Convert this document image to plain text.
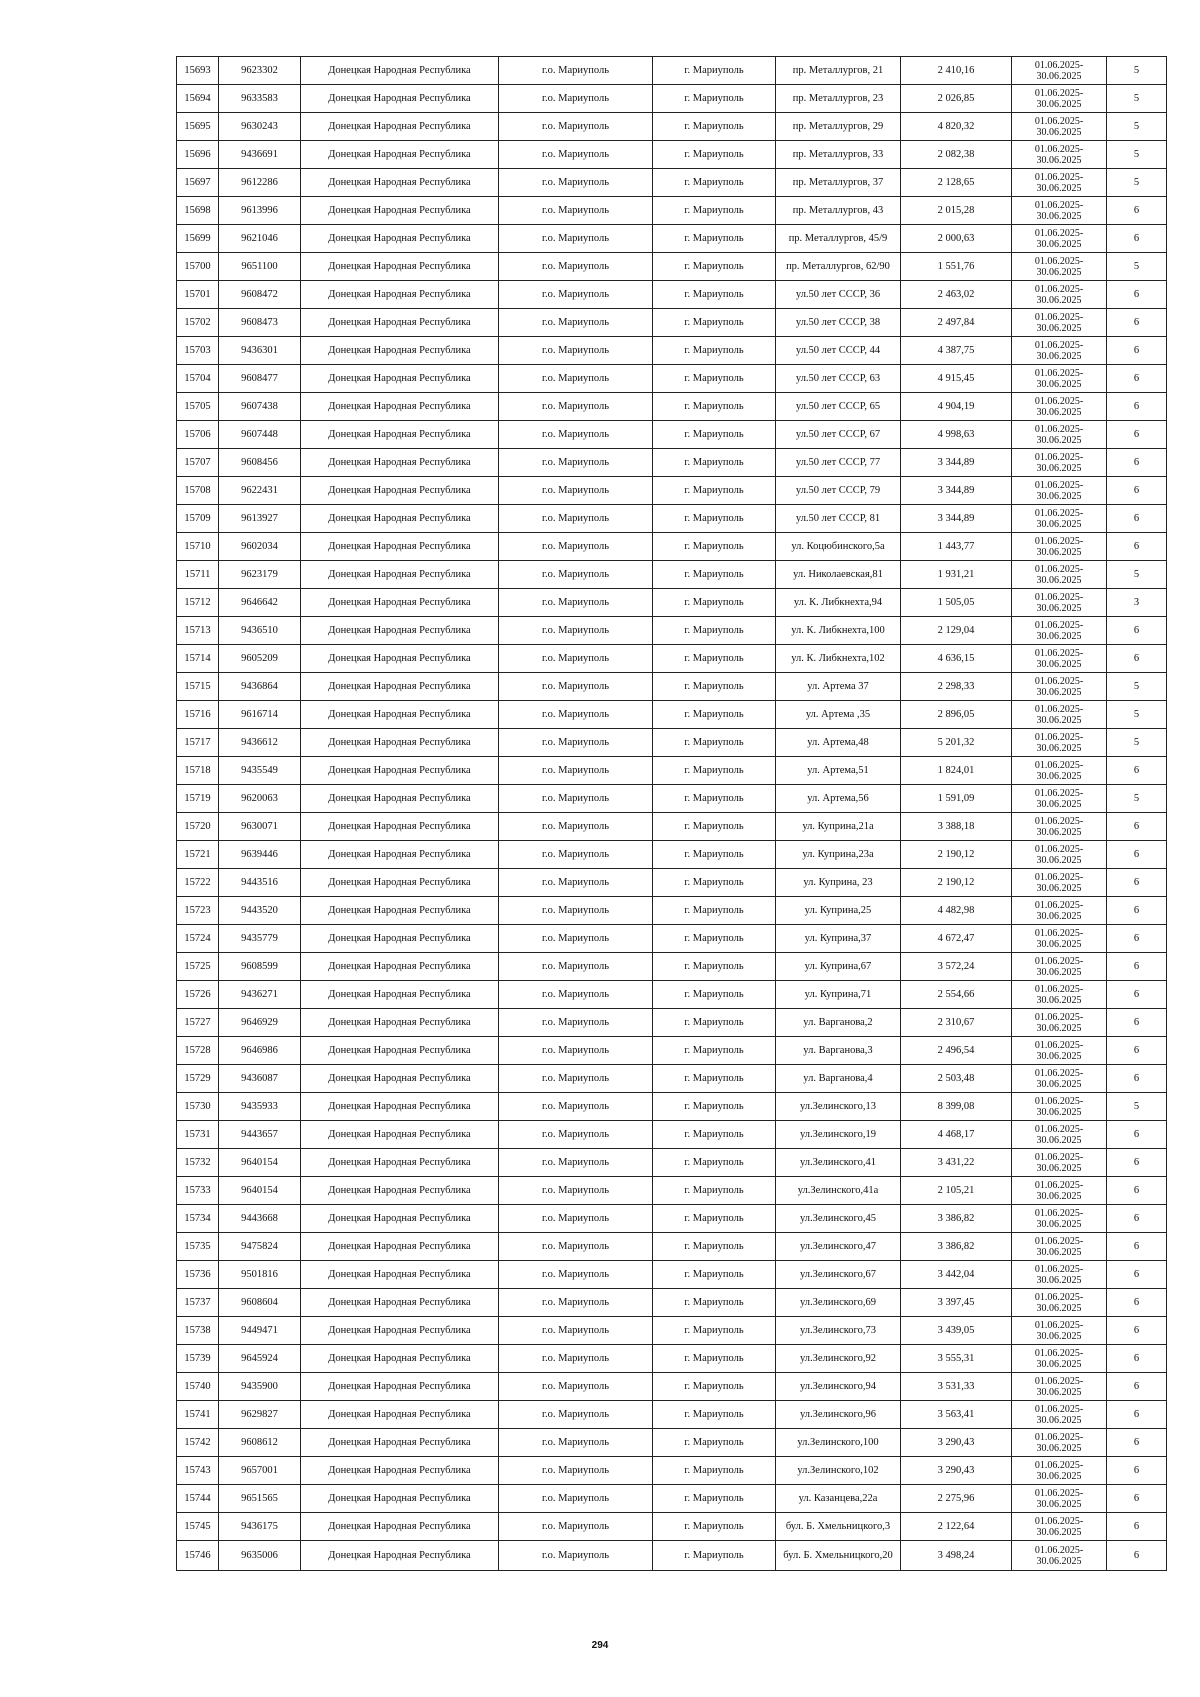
15693	9623302	Донецкая Народная Республика	г.о. Мариуполь	г. Мариуполь	пр. Металлургов, 21	2 410,16	01.06.2025-30.06.2025	5
15694	9633583	Донецкая Народная Республика	г.о. Мариуполь	г. Мариуполь	пр. Металлургов, 23	2 026,85	01.06.2025-30.06.2025	5
15695	9630243	Донецкая Народная Республика	г.о. Мариуполь	г. Мариуполь	пр. Металлургов, 29	4 820,32	01.06.2025-30.06.2025	5
15696	9436691	Донецкая Народная Республика	г.о. Мариуполь	г. Мариуполь	пр. Металлургов, 33	2 082,38	01.06.2025-30.06.2025	5
15697	9612286	Донецкая Народная Республика	г.о. Мариуполь	г. Мариуполь	пр. Металлургов, 37	2 128,65	01.06.2025-30.06.2025	5
15698	9613996	Донецкая Народная Республика	г.о. Мариуполь	г. Мариуполь	пр. Металлургов, 43	2 015,28	01.06.2025-30.06.2025	6
15699	9621046	Донецкая Народная Республика	г.о. Мариуполь	г. Мариуполь	пр. Металлургов, 45/9	2 000,63	01.06.2025-30.06.2025	6
15700	9651100	Донецкая Народная Республика	г.о. Мариуполь	г. Мариуполь	пр. Металлургов, 62/90	1 551,76	01.06.2025-30.06.2025	5
15701	9608472	Донецкая Народная Республика	г.о. Мариуполь	г. Мариуполь	ул.50 лет СССР, 36	2 463,02	01.06.2025-30.06.2025	6
15702	9608473	Донецкая Народная Республика	г.о. Мариуполь	г. Мариуполь	ул.50 лет СССР, 38	2 497,84	01.06.2025-30.06.2025	6
15703	9436301	Донецкая Народная Республика	г.о. Мариуполь	г. Мариуполь	ул.50 лет СССР, 44	4 387,75	01.06.2025-30.06.2025	6
15704	9608477	Донецкая Народная Республика	г.о. Мариуполь	г. Мариуполь	ул.50 лет СССР, 63	4 915,45	01.06.2025-30.06.2025	6
15705	9607438	Донецкая Народная Республика	г.о. Мариуполь	г. Мариуполь	ул.50 лет СССР, 65	4 904,19	01.06.2025-30.06.2025	6
15706	9607448	Донецкая Народная Республика	г.о. Мариуполь	г. Мариуполь	ул.50 лет СССР, 67	4 998,63	01.06.2025-30.06.2025	6
15707	9608456	Донецкая Народная Республика	г.о. Мариуполь	г. Мариуполь	ул.50 лет СССР, 77	3 344,89	01.06.2025-30.06.2025	6
15708	9622431	Донецкая Народная Республика	г.о. Мариуполь	г. Мариуполь	ул.50 лет СССР, 79	3 344,89	01.06.2025-30.06.2025	6
15709	9613927	Донецкая Народная Республика	г.о. Мариуполь	г. Мариуполь	ул.50 лет СССР, 81	3 344,89	01.06.2025-30.06.2025	6
15710	9602034	Донецкая Народная Республика	г.о. Мариуполь	г. Мариуполь	ул. Коцюбинского,5а	1 443,77	01.06.2025-30.06.2025	6
15711	9623179	Донецкая Народная Республика	г.о. Мариуполь	г. Мариуполь	ул. Николаевская,81	1 931,21	01.06.2025-30.06.2025	5
15712	9646642	Донецкая Народная Республика	г.о. Мариуполь	г. Мариуполь	ул. К. Либкнехта,94	1 505,05	01.06.2025-30.06.2025	3
15713	9436510	Донецкая Народная Республика	г.о. Мариуполь	г. Мариуполь	ул. К. Либкнехта,100	2 129,04	01.06.2025-30.06.2025	6
15714	9605209	Донецкая Народная Республика	г.о. Мариуполь	г. Мариуполь	ул. К. Либкнехта,102	4 636,15	01.06.2025-30.06.2025	6
15715	9436864	Донецкая Народная Республика	г.о. Мариуполь	г. Мариуполь	ул. Артема 37	2 298,33	01.06.2025-30.06.2025	5
15716	9616714	Донецкая Народная Республика	г.о. Мариуполь	г. Мариуполь	ул. Артема ,35	2 896,05	01.06.2025-30.06.2025	5
15717	9436612	Донецкая Народная Республика	г.о. Мариуполь	г. Мариуполь	ул. Артема,48	5 201,32	01.06.2025-30.06.2025	5
15718	9435549	Донецкая Народная Республика	г.о. Мариуполь	г. Мариуполь	ул. Артема,51	1 824,01	01.06.2025-30.06.2025	6
15719	9620063	Донецкая Народная Республика	г.о. Мариуполь	г. Мариуполь	ул. Артема,56	1 591,09	01.06.2025-30.06.2025	5
15720	9630071	Донецкая Народная Республика	г.о. Мариуполь	г. Мариуполь	ул. Куприна,21а	3 388,18	01.06.2025-30.06.2025	6
15721	9639446	Донецкая Народная Республика	г.о. Мариуполь	г. Мариуполь	ул. Куприна,23а	2 190,12	01.06.2025-30.06.2025	6
15722	9443516	Донецкая Народная Республика	г.о. Мариуполь	г. Мариуполь	ул. Куприна, 23	2 190,12	01.06.2025-30.06.2025	6
15723	9443520	Донецкая Народная Республика	г.о. Мариуполь	г. Мариуполь	ул. Куприна,25	4 482,98	01.06.2025-30.06.2025	6
15724	9435779	Донецкая Народная Республика	г.о. Мариуполь	г. Мариуполь	ул. Куприна,37	4 672,47	01.06.2025-30.06.2025	6
15725	9608599	Донецкая Народная Республика	г.о. Мариуполь	г. Мариуполь	ул. Куприна,67	3 572,24	01.06.2025-30.06.2025	6
15726	9436271	Донецкая Народная Республика	г.о. Мариуполь	г. Мариуполь	ул. Куприна,71	2 554,66	01.06.2025-30.06.2025	6
15727	9646929	Донецкая Народная Республика	г.о. Мариуполь	г. Мариуполь	ул. Варганова,2	2 310,67	01.06.2025-30.06.2025	6
15728	9646986	Донецкая Народная Республика	г.о. Мариуполь	г. Мариуполь	ул. Варганова,3	2 496,54	01.06.2025-30.06.2025	6
15729	9436087	Донецкая Народная Республика	г.о. Мариуполь	г. Мариуполь	ул. Варганова,4	2 503,48	01.06.2025-30.06.2025	6
15730	9435933	Донецкая Народная Республика	г.о. Мариуполь	г. Мариуполь	ул.Зелинского,13	8 399,08	01.06.2025-30.06.2025	5
15731	9443657	Донецкая Народная Республика	г.о. Мариуполь	г. Мариуполь	ул.Зелинского,19	4 468,17	01.06.2025-30.06.2025	6
15732	9640154	Донецкая Народная Республика	г.о. Мариуполь	г. Мариуполь	ул.Зелинского,41	3 431,22	01.06.2025-30.06.2025	6
15733	9640154	Донецкая Народная Республика	г.о. Мариуполь	г. Мариуполь	ул.Зелинского,41а	2 105,21	01.06.2025-30.06.2025	6
15734	9443668	Донецкая Народная Республика	г.о. Мариуполь	г. Мариуполь	ул.Зелинского,45	3 386,82	01.06.2025-30.06.2025	6
15735	9475824	Донецкая Народная Республика	г.о. Мариуполь	г. Мариуполь	ул.Зелинского,47	3 386,82	01.06.2025-30.06.2025	6
15736	9501816	Донецкая Народная Республика	г.о. Мариуполь	г. Мариуполь	ул.Зелинского,67	3 442,04	01.06.2025-30.06.2025	6
15737	9608604	Донецкая Народная Республика	г.о. Мариуполь	г. Мариуполь	ул.Зелинского,69	3 397,45	01.06.2025-30.06.2025	6
15738	9449471	Донецкая Народная Республика	г.о. Мариуполь	г. Мариуполь	ул.Зелинского,73	3 439,05	01.06.2025-30.06.2025	6
15739	9645924	Донецкая Народная Республика	г.о. Мариуполь	г. Мариуполь	ул.Зелинского,92	3 555,31	01.06.2025-30.06.2025	6
15740	9435900	Донецкая Народная Республика	г.о. Мариуполь	г. Мариуполь	ул.Зелинского,94	3 531,33	01.06.2025-30.06.2025	6
15741	9629827	Донецкая Народная Республика	г.о. Мариуполь	г. Мариуполь	ул.Зелинского,96	3 563,41	01.06.2025-30.06.2025	6
15742	9608612	Донецкая Народная Республика	г.о. Мариуполь	г. Мариуполь	ул.Зелинского,100	3 290,43	01.06.2025-30.06.2025	6
15743	9657001	Донецкая Народная Республика	г.о. Мариуполь	г. Мариуполь	ул.Зелинского,102	3 290,43	01.06.2025-30.06.2025	6
15744	9651565	Донецкая Народная Республика	г.о. Мариуполь	г. Мариуполь	ул. Казанцева,22а	2 275,96	01.06.2025-30.06.2025	6
15745	9436175	Донецкая Народная Республика	г.о. Мариуполь	г. Мариуполь	бул. Б. Хмельницкого,3	2 122,64	01.06.2025-30.06.2025	6
15746	9635006	Донецкая Народная Республика	г.о. Мариуполь	г. Мариуполь	бул. Б. Хмельницкого,20	3 498,24	01.06.2025-30.06.2025	6
294
